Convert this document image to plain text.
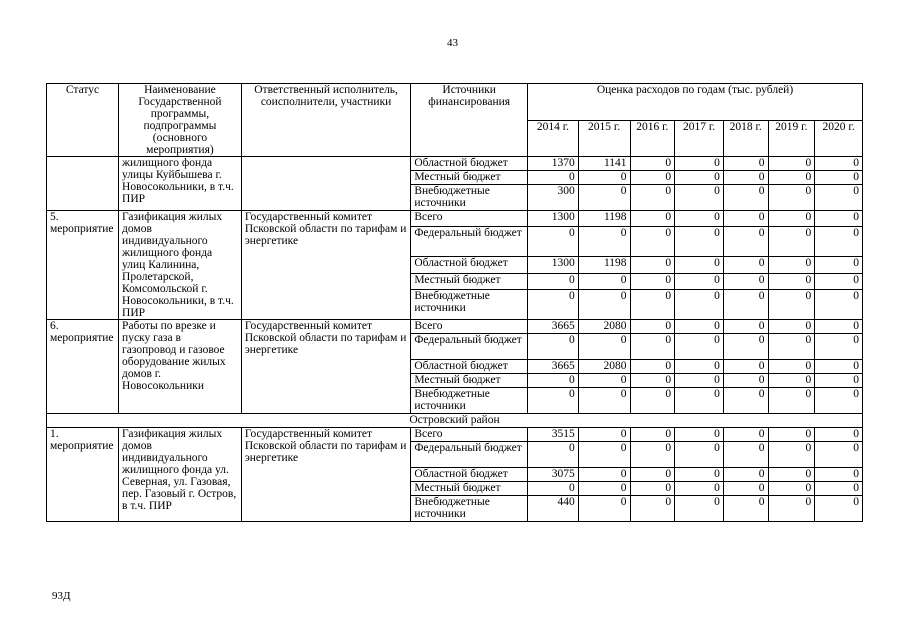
43
Статус	Наименование Государственной программы, подпрограммы (основного мероприятия)	Ответственный исполнитель, соисполнители, участники	Источники финансирования	Оценка расходов по годам (тыс. рублей)						
				2014 г.	2015 г.	2016 г.	2017 г.	2018 г.	2019 г.	2020 г.
	жилищного фонда улицы Куйбышева г. Новосокольники, в т.ч. ПИР		Областной бюджет	1370	1141	0	0	0	0	0
			Местный бюджет	0	0	0	0	0	0	0
			Внебюджетные источники	300	0	0	0	0	0	0
5. мероприятие	Газификация жилых домов индивидуального жилищного фонда улиц Калинина, Пролетарской, Комсомольской г. Новосокольники, в т.ч. ПИР	Государственный комитет Псковской области по тарифам и энергетике	Всего	1300	1198	0	0	0	0	0
			Федеральный бюджет	0	0	0	0	0	0	0
			Областной бюджет	1300	1198	0	0	0	0	0
			Местный бюджет	0	0	0	0	0	0	0
			Внебюджетные источники	0	0	0	0	0	0	0
6. мероприятие	Работы по врезке и пуску газа в газопровод и газовое оборудование жилых домов г. Новосокольники	Государственный комитет Псковской области по тарифам и энергетике	Всего	3665	2080	0	0	0	0	0
			Федеральный бюджет	0	0	0	0	0	0	0
			Областной бюджет	3665	2080	0	0	0	0	0
			Местный бюджет	0	0	0	0	0	0	0
			Внебюджетные источники	0	0	0	0	0	0	0
Островский район										
1. мероприятие	Газификация жилых домов индивидуального жилищного фонда ул. Северная, ул. Газовая, пер. Газовый г. Остров, в т.ч. ПИР	Государственный комитет Псковской области по тарифам и энергетике	Всего	3515	0	0	0	0	0	0
			Федеральный бюджет	0	0	0	0	0	0	0
			Областной бюджет	3075	0	0	0	0	0	0
			Местный бюджет	0	0	0	0	0	0	0
			Внебюджетные источники	440	0	0	0	0	0	0
93Д
